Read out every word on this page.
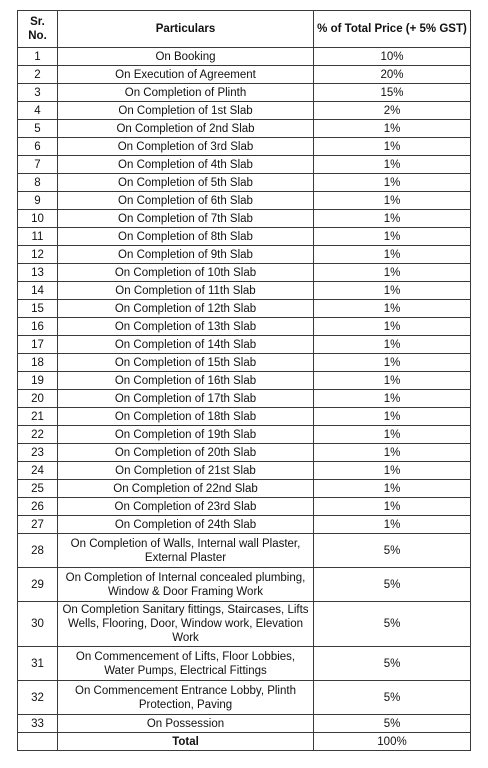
Sr.
No.	Particulars	% of Total Price (+ 5% GST)
1	On Booking	10%
2	On Execution of Agreement	20%
3	On Completion of Plinth	15%
4	On Completion of 1st Slab	2%
5	On Completion of 2nd Slab	1%
6	On Completion of 3rd Slab	1%
7	On Completion of 4th Slab	1%
8	On Completion of 5th Slab	1%
9	On Completion of 6th Slab	1%
10	On Completion of 7th Slab	1%
11	On Completion of 8th Slab	1%
12	On Completion of 9th Slab	1%
13	On Completion of 10th Slab	1%
14	On Completion of 11th Slab	1%
15	On Completion of 12th Slab	1%
16	On Completion of 13th Slab	1%
17	On Completion of 14th Slab	1%
18	On Completion of 15th Slab	1%
19	On Completion of 16th Slab	1%
20	On Completion of 17th Slab	1%
21	On Completion of 18th Slab	1%
22	On Completion of 19th Slab	1%
23	On Completion of 20th Slab	1%
24	On Completion of 21st Slab	1%
25	On Completion of 22nd Slab	1%
26	On Completion of 23rd Slab	1%
27	On Completion of 24th Slab	1%
28	On Completion of Walls, Internal wall Plaster, External Plaster	5%
29	On Completion of Internal concealed plumbing, Window & Door Framing Work	5%
30	On Completion Sanitary fittings, Staircases, Lifts Wells, Flooring, Door, Window work, Elevation Work	5%
31	On Commencement of Lifts, Floor Lobbies, Water Pumps, Electrical Fittings	5%
32	On Commencement Entrance Lobby, Plinth Protection, Paving	5%
33	On Possession	5%
	Total	100%
